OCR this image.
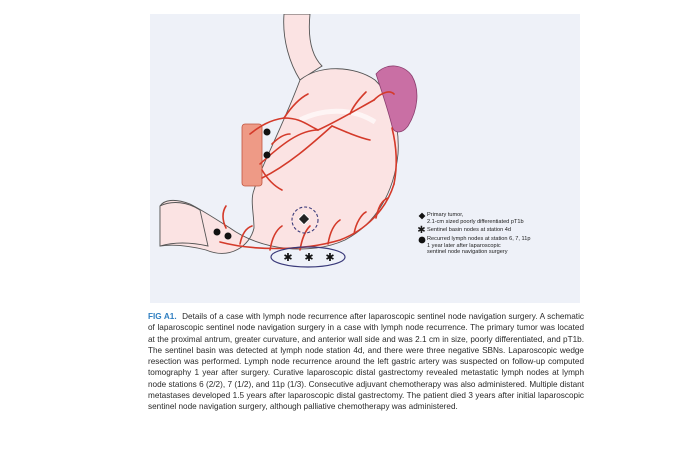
✱ ✱ ✱
Primary tumor,
2.1-cm sized poorly differentiated pT1b
✱ Sentinel basin nodes at station 4d
Recurred lymph nodes at station 6, 7, 11p
1 year later after laparoscopic
sentinel node navigation surgery
FIG A1. Details of a case with lymph node recurrence after laparoscopic sentinel node navigation surgery. A schematic of laparoscopic sentinel node navigation surgery in a case with lymph node recurrence. The primary tumor was located at the proximal antrum, greater curvature, and anterior wall side and was 2.1 cm in size, poorly differentiated, and pT1b. The sentinel basin was detected at lymph node station 4d, and there were three negative SBNs. Laparoscopic wedge resection was performed. Lymph node recurrence around the left gastric artery was suspected on follow-up computed tomography 1 year after surgery. Curative laparoscopic distal gastrectomy revealed metastatic lymph nodes at lymph node stations 6 (2/2), 7 (1/2), and 11p (1/3). Consecutive adjuvant chemotherapy was also administered. Multiple distant metastases developed 1.5 years after laparoscopic distal gastrectomy. The patient died 3 years after initial laparoscopic sentinel node navigation surgery, although palliative chemotherapy was administered.
